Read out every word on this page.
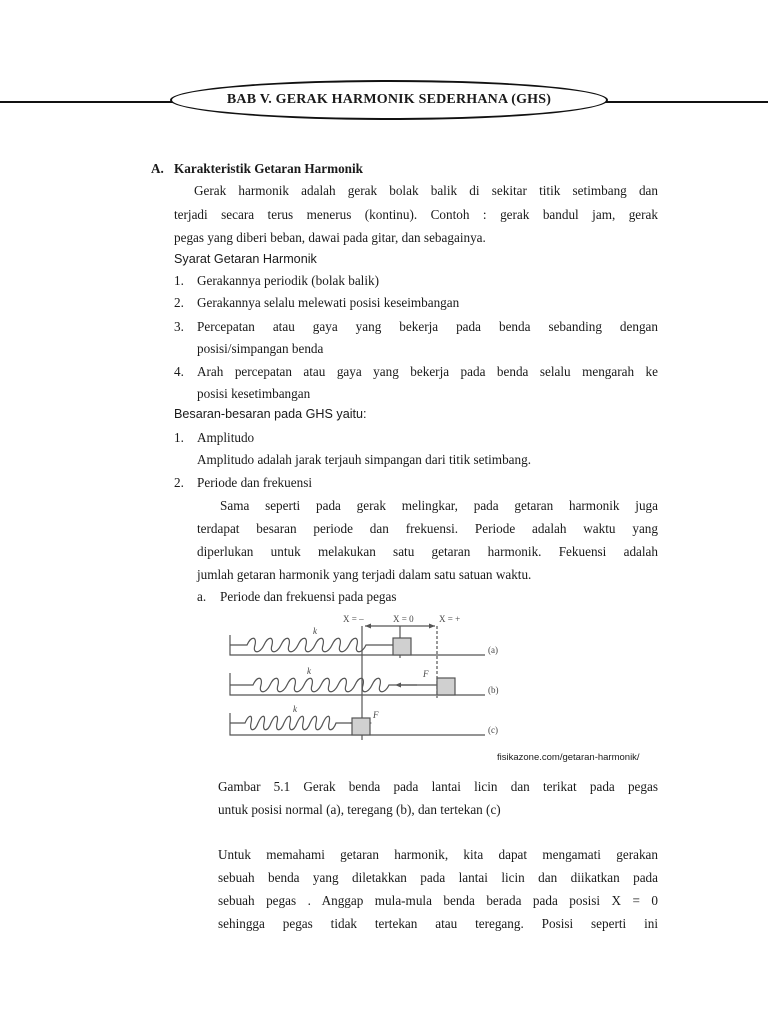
BAB V. GERAK HARMONIK SEDERHANA (GHS)
A. Karakteristik Getaran Harmonik
Gerak harmonik adalah gerak bolak balik di sekitar titik setimbang dan
terjadi secara terus menerus (kontinu). Contoh : gerak bandul jam, gerak
pegas yang diberi beban, dawai pada gitar, dan sebagainya.
Syarat Getaran Harmonik
1. Gerakannya periodik (bolak balik)
2. Gerakannya selalu melewati posisi keseimbangan
3. Percepatan atau gaya yang bekerja pada benda sebanding dengan
posisi/simpangan benda
4. Arah percepatan atau gaya yang bekerja pada benda selalu mengarah ke
posisi kesetimbangan
Besaran-besaran pada GHS yaitu:
1. Amplitudo
Amplitudo adalah jarak terjauh simpangan dari titik setimbang.
2. Periode dan frekuensi
Sama seperti pada gerak melingkar, pada getaran harmonik juga
terdapat besaran periode dan frekuensi. Periode adalah waktu yang
diperlukan untuk melakukan satu getaran harmonik. Fekuensi adalah
jumlah getaran harmonik yang terjadi dalam satu satuan waktu.
a. Periode dan frekuensi pada pegas
X = –	X = 0	X = +
k
k
k
F
F
(a)
(b)
(c)
fisikazone.com/getaran-harmonik/
Gambar 5.1 Gerak benda pada lantai licin dan terikat pada pegas
untuk posisi normal (a), teregang (b), dan tertekan (c)
Untuk memahami getaran harmonik, kita dapat mengamati gerakan
sebuah benda yang diletakkan pada lantai licin dan diikatkan pada
sebuah pegas . Anggap mula-mula benda berada pada posisi X = 0
sehingga pegas tidak tertekan atau teregang. Posisi seperti ini
